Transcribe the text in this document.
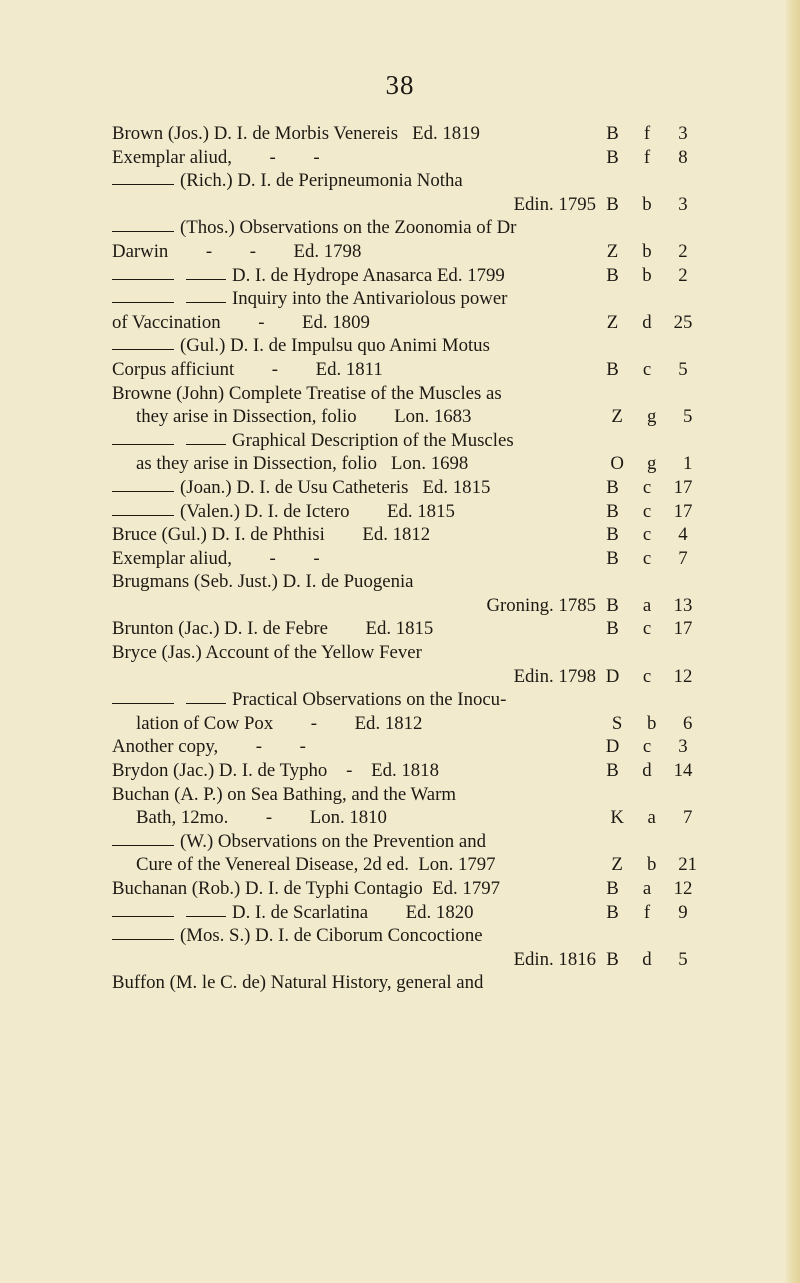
38
Brown (Jos.) D. I. de Morbis Venereis   Ed. 1819	B	f	3
Exemplar aliud,        -        -	B	f	8
(Rich.) D. I. de Peripneumonia Notha
Edin. 1795 B	b	3
(Thos.) Observations on the Zoonomia of Dr
Darwin        -        -        Ed. 1798	Z	b	2
D. I. de Hydrope Anasarca Ed. 1799	B	b	2
Inquiry into the Antivariolous power
of Vaccination        -        Ed. 1809	Z	d	25
(Gul.) D. I. de Impulsu quo Animi Motus
Corpus afficiunt        -        Ed. 1811	B	c	5
Browne (John) Complete Treatise of the Muscles as
they arise in Dissection, folio        Lon. 1683	Z	g	5
Graphical Description of the Muscles
as they arise in Dissection, folio   Lon. 1698	O	g	1
(Joan.) D. I. de Usu Catheteris   Ed. 1815	B	c	17
(Valen.) D. I. de Ictero        Ed. 1815	B	c	17
Bruce (Gul.) D. I. de Phthisi        Ed. 1812	B	c	4
Exemplar aliud,        -        -	B	c	7
Brugmans (Seb. Just.) D. I. de Puogenia
Groning. 1785 B	a	13
Brunton (Jac.) D. I. de Febre        Ed. 1815	B	c	17
Bryce (Jas.) Account of the Yellow Fever
Edin. 1798 D	c	12
Practical Observations on the Inocu-
lation of Cow Pox        -        Ed. 1812	S	b	6
Another copy,        -        -	D	c	3
Brydon (Jac.) D. I. de Typho    -    Ed. 1818	B	d	14
Buchan (A. P.) on Sea Bathing, and the Warm
Bath, 12mo.        -        Lon. 1810	K	a	7
(W.) Observations on the Prevention and
Cure of the Venereal Disease, 2d ed.  Lon. 1797	Z	b	21
Buchanan (Rob.) D. I. de Typhi Contagio  Ed. 1797	B	a	12
D. I. de Scarlatina        Ed. 1820	B	f	9
(Mos. S.) D. I. de Ciborum Concoctione
Edin. 1816 B	d	5
Buffon (M. le C. de) Natural History, general and
